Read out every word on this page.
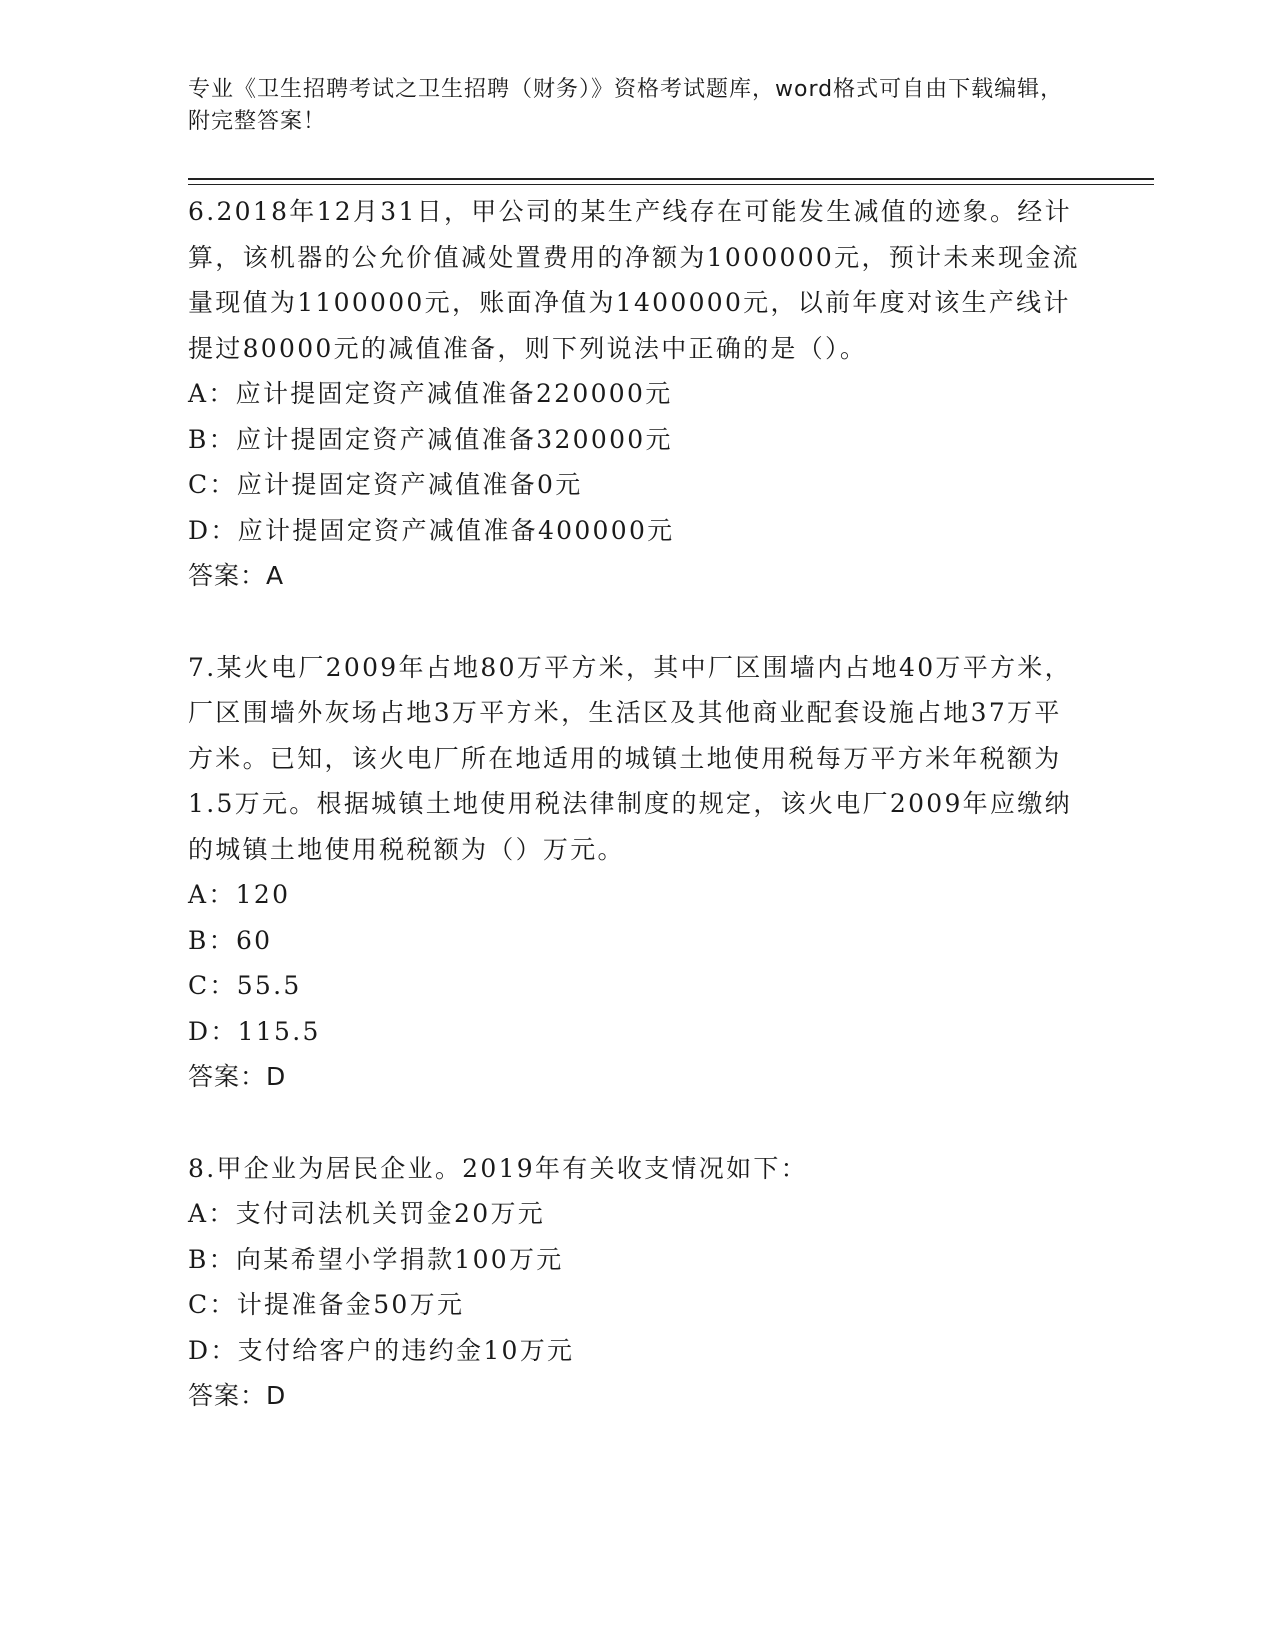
专业《卫生招聘考试之卫生招聘（财务）》资格考试题库，word格式可自由下载编辑，附完整答案！

6.2018年12月31日，甲公司的某生产线存在可能发生减值的迹象。经计算，该机器的公允价值减处置费用的净额为1000000元，预计未来现金流量现值为1100000元，账面净值为1400000元，以前年度对该生产线计提过80000元的减值准备，则下列说法中正确的是（）。

A：应计提固定资产减值准备220000元

B：应计提固定资产减值准备320000元

C：应计提固定资产减值准备0元

D：应计提固定资产减值准备400000元

答案：A

7.某火电厂2009年占地80万平方米，其中厂区围墙内占地40万平方米，厂区围墙外灰场占地3万平方米，生活区及其他商业配套设施占地37万平方米。已知，该火电厂所在地适用的城镇土地使用税每万平方米年税额为1.5万元。根据城镇土地使用税法律制度的规定，该火电厂2009年应缴纳的城镇土地使用税税额为（）万元。

A：120

B：60

C：55.5

D：115.5

答案：D

8.甲企业为居民企业。2019年有关收支情况如下：

A：支付司法机关罚金20万元

B：向某希望小学捐款100万元

C：计提准备金50万元

D：支付给客户的违约金10万元

答案：D
